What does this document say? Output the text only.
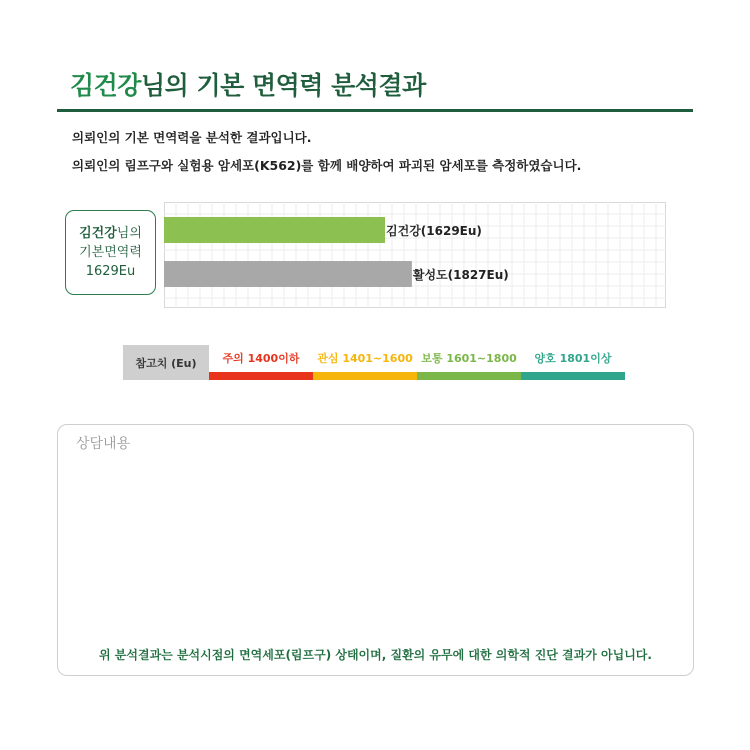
김건강님의 기본 면역력 분석결과
의뢰인의 기본 면역력을 분석한 결과입니다.
의뢰인의 림프구와 실험용 암세포(K562)를 함께 배양하여 파괴된 암세포를 측정하였습니다.
김건강님의
기본면역력
1629Eu
김건강(1629Eu)
활성도(1827Eu)
참고치 (Eu)	주의 1400이하	관심 1401~1600 보통 1601~1800	양호 1801이상
상담내용
위 분석결과는 분석시점의 면역세포(림프구) 상태이며, 질환의 유무에 대한 의학적 진단 결과가 아닙니다.
